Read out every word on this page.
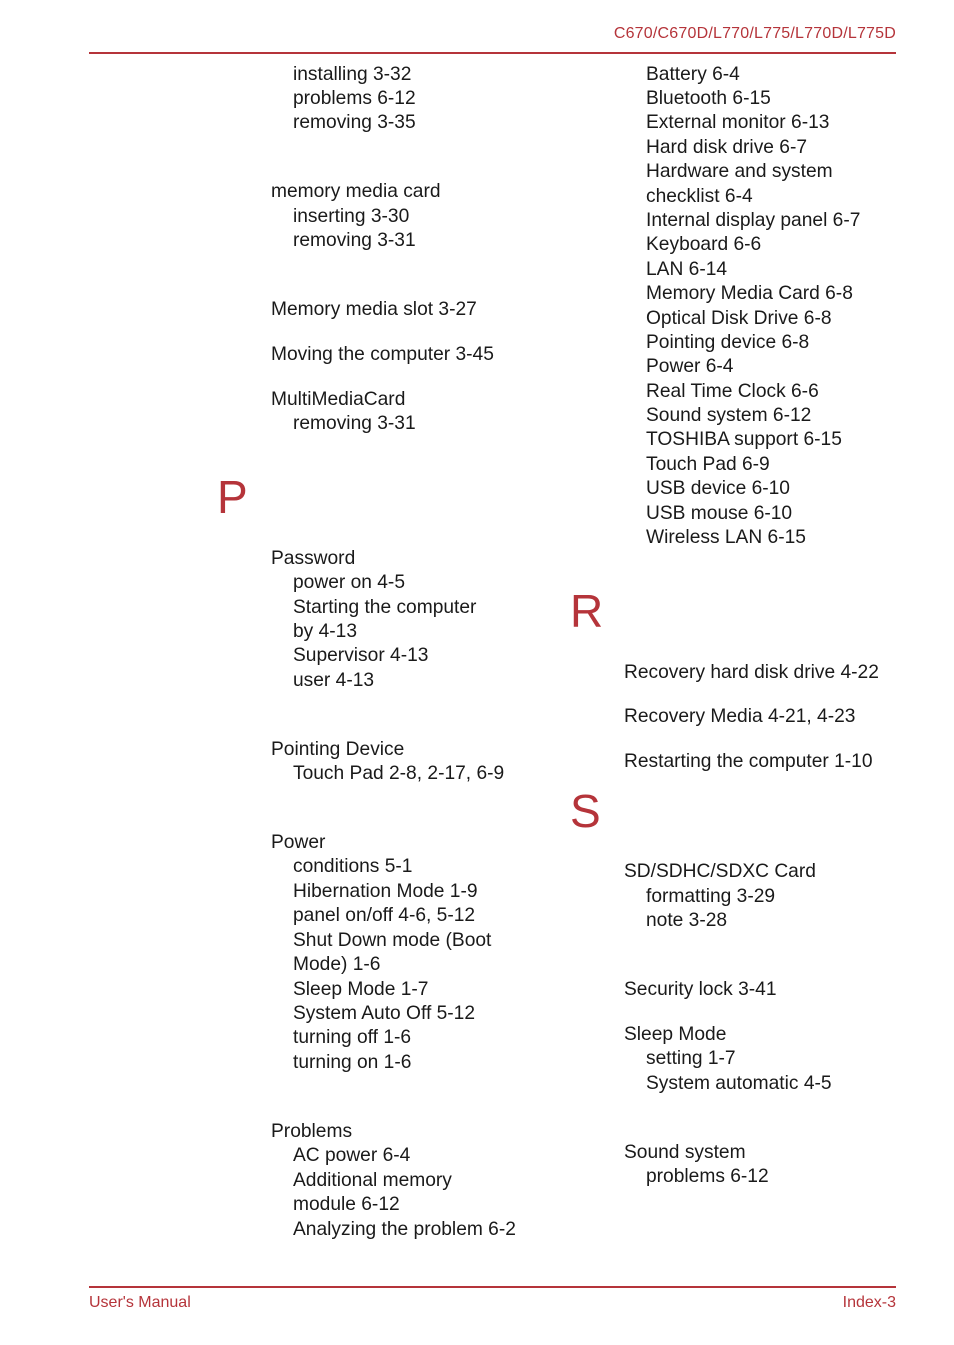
C670/C670D/L770/L775/L770D/L775D
installing 3-32
problems 6-12
removing 3-35
memory media card
inserting 3-30
removing 3-31
Memory media slot 3-27
Moving the computer 3-45
MultiMediaCard
removing 3-31
P
Password
power on 4-5
Starting the computer
by 4-13
Supervisor 4-13
user 4-13
Pointing Device
Touch Pad 2-8, 2-17, 6-9
Power
conditions 5-1
Hibernation Mode 1-9
panel on/off 4-6, 5-12
Shut Down mode (Boot
Mode) 1-6
Sleep Mode 1-7
System Auto Off 5-12
turning off 1-6
turning on 1-6
Problems
AC power 6-4
Additional memory
module 6-12
Analyzing the problem 6-2
Battery 6-4
Bluetooth 6-15
External monitor 6-13
Hard disk drive 6-7
Hardware and system
checklist 6-4
Internal display panel 6-7
Keyboard 6-6
LAN 6-14
Memory Media Card 6-8
Optical Disk Drive 6-8
Pointing device 6-8
Power 6-4
Real Time Clock 6-6
Sound system 6-12
TOSHIBA support 6-15
Touch Pad 6-9
USB device 6-10
USB mouse 6-10
Wireless LAN 6-15
R
Recovery hard disk drive 4-22
Recovery Media 4-21, 4-23
Restarting the computer 1-10
S
SD/SDHC/SDXC Card
formatting 3-29
note 3-28
Security lock 3-41
Sleep Mode
setting 1-7
System automatic 4-5
Sound system
problems 6-12
User's Manual	Index-3
